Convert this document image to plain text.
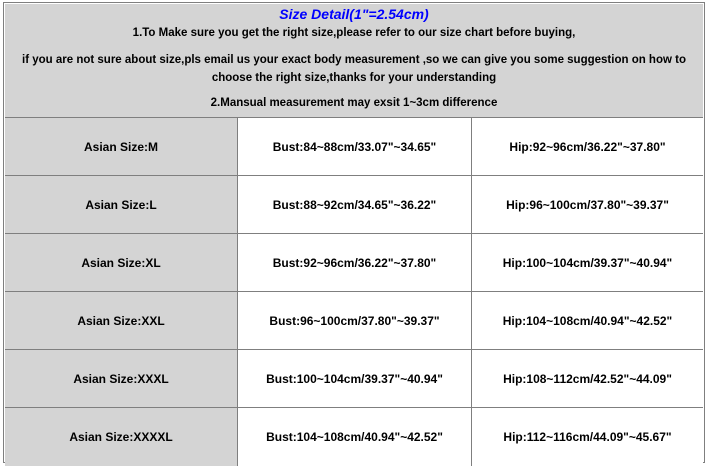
Size Detail(1"=2.54cm)
1.To Make sure you get the right size,please refer to our size chart before buying,
if you are not sure about size,pls email us your exact body measurement ,so we can give you some suggestion on how to choose the right size,thanks for your understanding
2.Mansual measurement may exsit 1~3cm difference
Asian Size:M	Bust:84~88cm/33.07"~34.65"	Hip:92~96cm/36.22"~37.80"
Asian Size:L	Bust:88~92cm/34.65"~36.22"	Hip:96~100cm/37.80"~39.37"
Asian Size:XL	Bust:92~96cm/36.22"~37.80"	Hip:100~104cm/39.37"~40.94"
Asian Size:XXL	Bust:96~100cm/37.80"~39.37"	Hip:104~108cm/40.94"~42.52"
Asian Size:XXXL	Bust:100~104cm/39.37"~40.94"	Hip:108~112cm/42.52"~44.09"
Asian Size:XXXXL	Bust:104~108cm/40.94"~42.52"	Hip:112~116cm/44.09"~45.67"
